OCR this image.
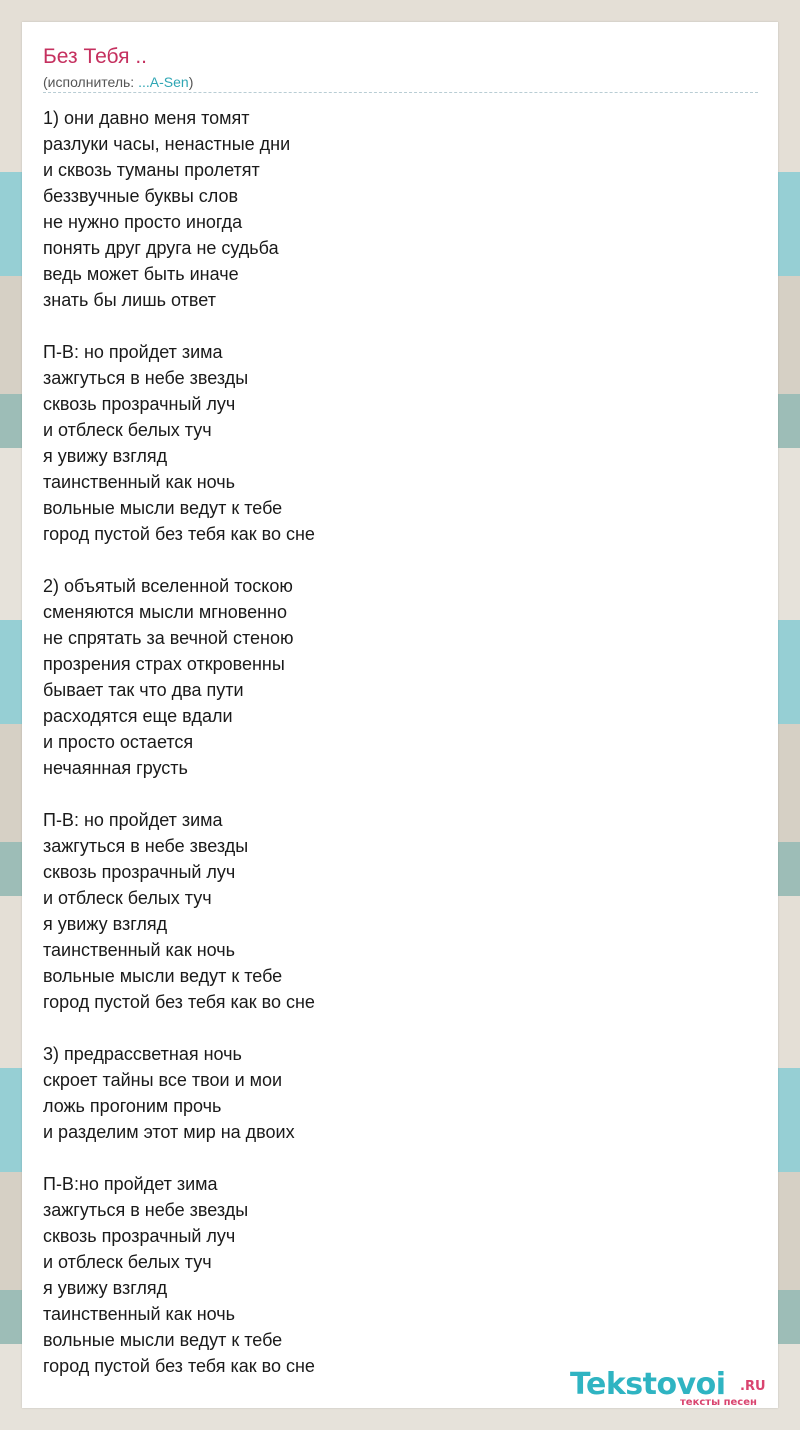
Без Тебя ..
(исполнитель: ...A-Sen)
1) они давно меня томят
разлуки часы, ненастные дни
и сквозь туманы пролетят
беззвучные буквы слов
не нужно просто иногда
понять друг друга не судьба
ведь может быть иначе
знать бы лишь ответ
П-В: но пройдет зима
зажгуться в небе звезды
сквозь прозрачный луч
и отблеск белых туч
я увижу взгляд
таинственный как ночь
вольные мысли ведут к тебе
город пустой без тебя как во сне
2) объятый вселенной тоскою
сменяются мысли мгновенно
не спрятать за вечной стеною
прозрения страх откровенны
бывает так что два пути
расходятся еще вдали
и просто остается
нечаянная грусть
П-В: но пройдет зима
зажгуться в небе звезды
сквозь прозрачный луч
и отблеск белых туч
я увижу взгляд
таинственный как ночь
вольные мысли ведут к тебе
город пустой без тебя как во сне
3) предрассветная ночь
скроет тайны все твои и мои
ложь прогоним прочь
и разделим этот мир на двоих
П-В:но пройдет зима
зажгуться в небе звезды
сквозь прозрачный луч
и отблеск белых туч
я увижу взгляд
таинственный как ночь
вольные мысли ведут к тебе
город пустой без тебя как во сне
Tekstovoi .RU
тексты песен
